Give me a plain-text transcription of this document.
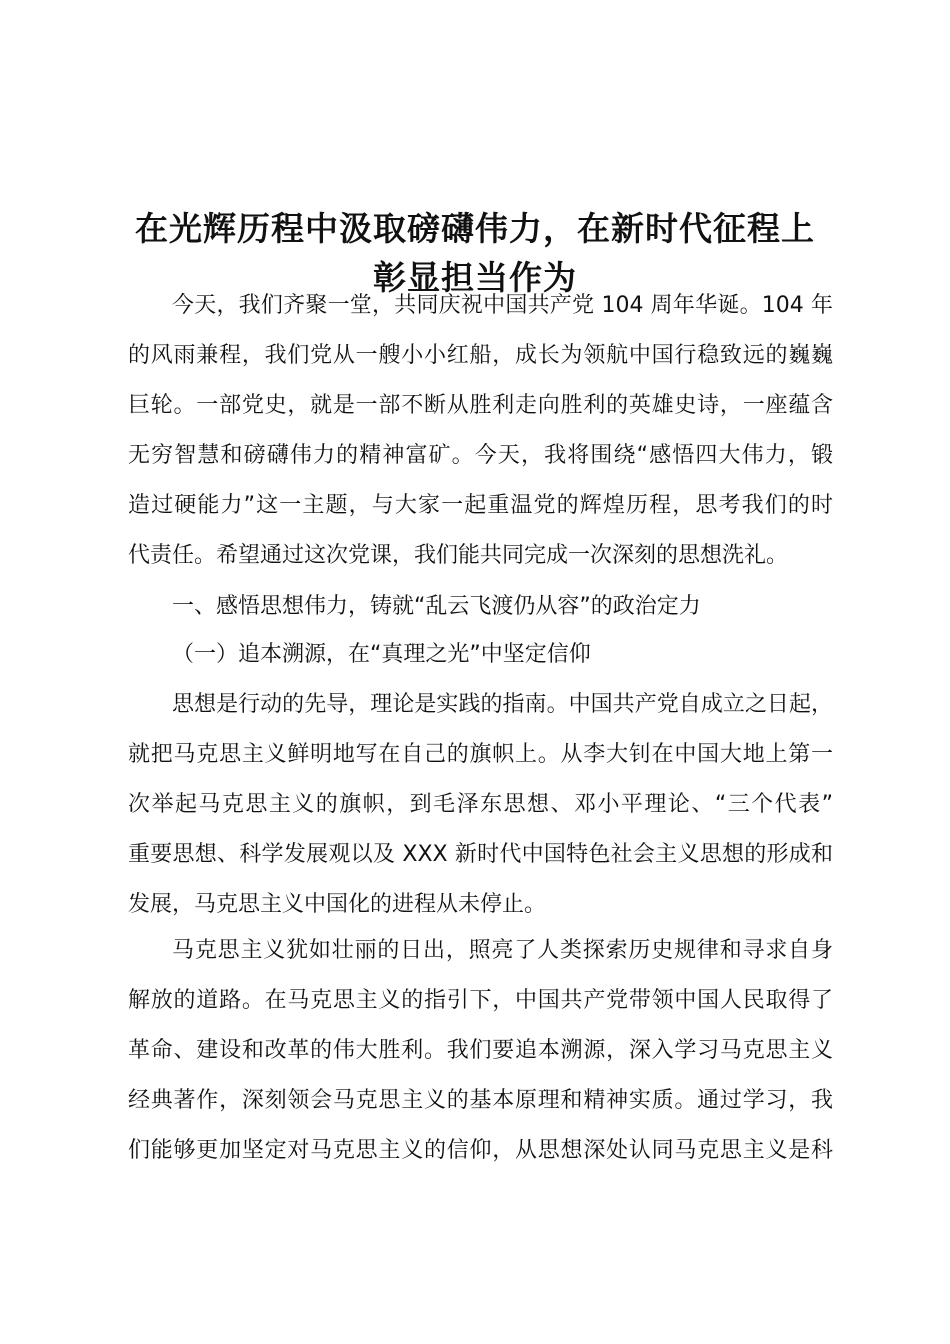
在光辉历程中汲取磅礴伟力，在新时代征程上
彰显担当作为
今天，我们齐聚一堂，共同庆祝中国共产党 104 周年华诞。104 年
的风雨兼程，我们党从一艘小小红船，成长为领航中国行稳致远的巍巍
巨轮。一部党史，就是一部不断从胜利走向胜利的英雄史诗，一座蕴含
无穷智慧和磅礴伟力的精神富矿。今天，我将围绕“感悟四大伟力，锻
造过硬能力”这一主题，与大家一起重温党的辉煌历程，思考我们的时
代责任。希望通过这次党课，我们能共同完成一次深刻的思想洗礼。
一、感悟思想伟力，铸就“乱云飞渡仍从容”的政治定力
（一）追本溯源，在“真理之光”中坚定信仰
思想是行动的先导，理论是实践的指南。中国共产党自成立之日起，
就把马克思主义鲜明地写在自己的旗帜上。从李大钊在中国大地上第一
次举起马克思主义的旗帜，到毛泽东思想、邓小平理论、“三个代表”
重要思想、科学发展观以及 XXX 新时代中国特色社会主义思想的形成和
发展，马克思主义中国化的进程从未停止。
马克思主义犹如壮丽的日出，照亮了人类探索历史规律和寻求自身
解放的道路。在马克思主义的指引下，中国共产党带领中国人民取得了
革命、建设和改革的伟大胜利。我们要追本溯源，深入学习马克思主义
经典著作，深刻领会马克思主义的基本原理和精神实质。通过学习，我
们能够更加坚定对马克思主义的信仰，从思想深处认同马克思主义是科
